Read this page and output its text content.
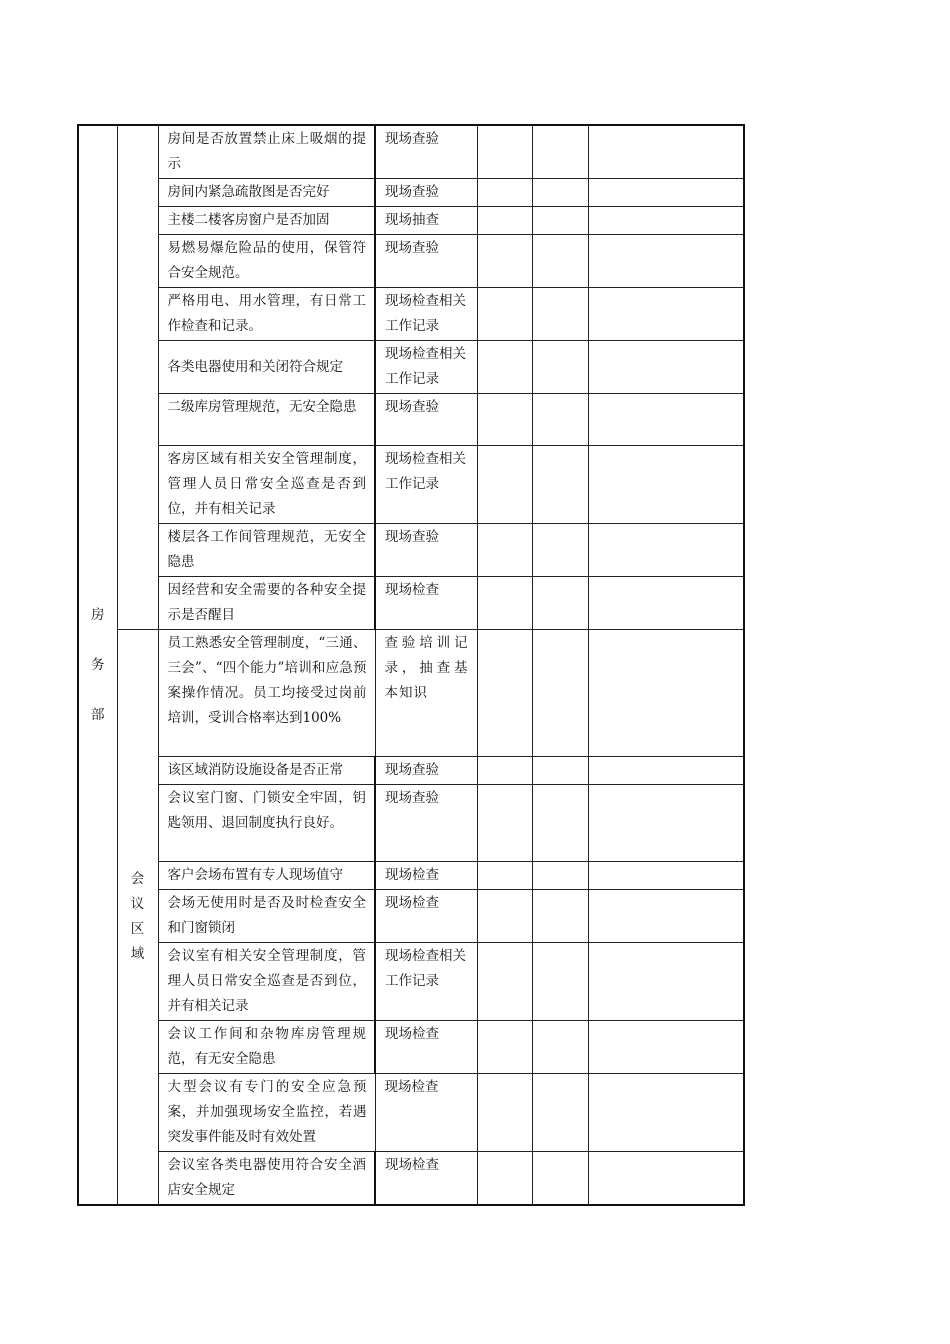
房务部		房间是否放置禁止床上吸烟的提示	现场查验			
		房间内紧急疏散图是否完好	现场查验			
		主楼二楼客房窗户是否加固	现场抽查			
		易燃易爆危险品的使用，保管符合安全规范。	现场查验			
		严格用电、用水管理，有日常工作检查和记录。	现场检查相关工作记录			
		各类电器使用和关闭符合规定	现场检查相关工作记录			
		二级库房管理规范，无安全隐患	现场查验			
		客房区域有相关安全管理制度，管理人员日常安全巡查是否到位，并有相关记录	现场检查相关工作记录			
		楼层各工作间管理规范，无安全隐患	现场查验			
		因经营和安全需要的各种安全提示是否醒目	现场检查			
	会议区域	员工熟悉安全管理制度，“三通、三会”、“四个能力”培训和应急预案操作情况。员工均接受过岗前培训，受训合格率达到100%	查验培训记录，抽查基本知识			
		该区域消防设施设备是否正常	现场查验			
		会议室门窗、门锁安全牢固，钥匙领用、退回制度执行良好。	现场查验			
		客户会场布置有专人现场值守	现场检查			
		会场无使用时是否及时检查安全和门窗锁闭	现场检查			
		会议室有相关安全管理制度，管理人员日常安全巡查是否到位，并有相关记录	现场检查相关工作记录			
		会议工作间和杂物库房管理规范，有无安全隐患	现场检查			
		大型会议有专门的安全应急预案，并加强现场安全监控，若遇突发事件能及时有效处置	现场检查			
		会议室各类电器使用符合安全酒店安全规定	现场检查			
